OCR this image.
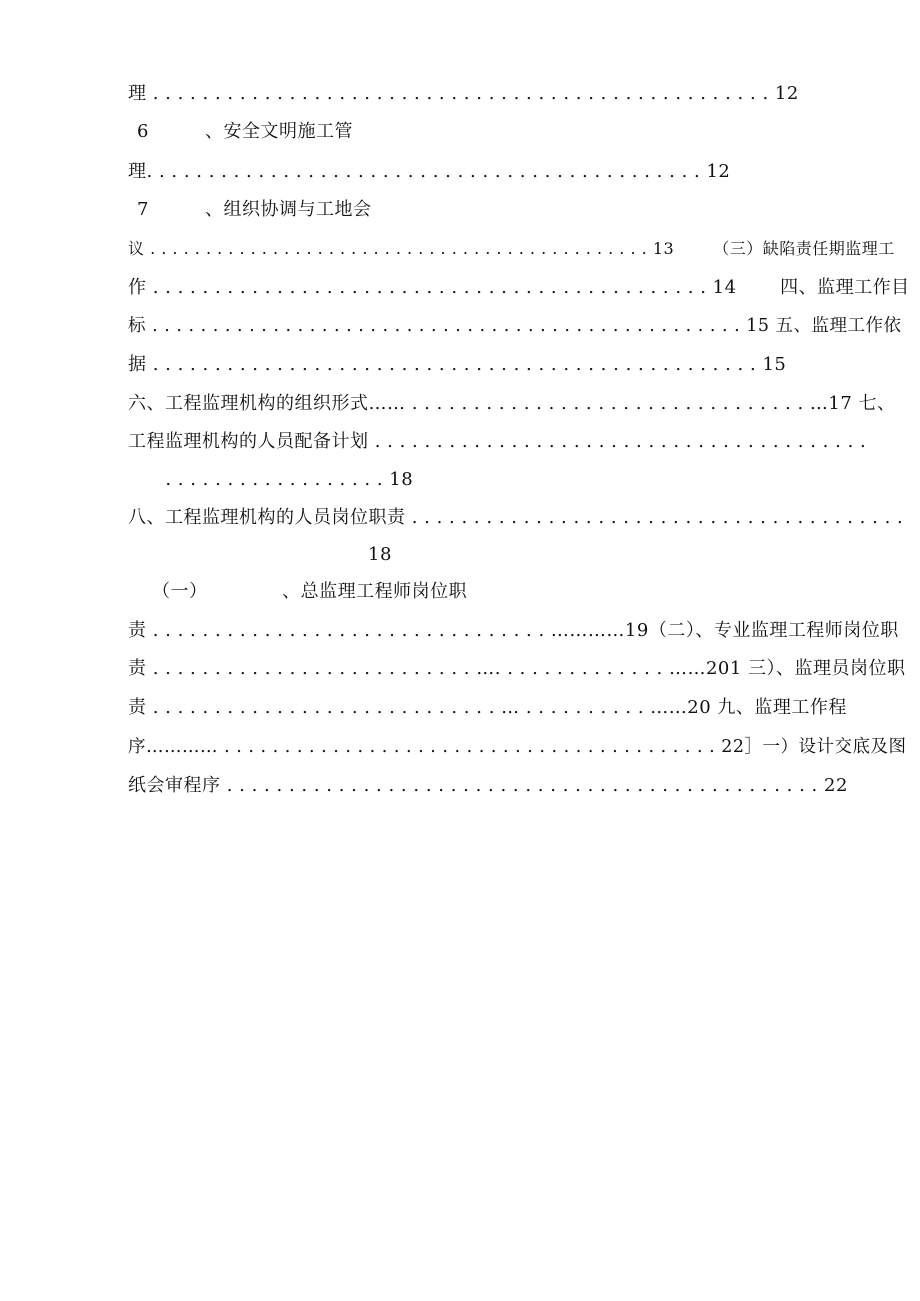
理 . . . . . . . . . . . . . . . . . . . . . . . . . . . . . . . . . . . . . . . . . . . . . . . . . . 12
6         、安全文明施工管
理. . . . . . . . . . . . . . . . . . . . . . . . . . . . . . . . . . . . . . . . . . . . . 12
7         、组织协调与工地会
议 . . . . . . . . . . . . . . . . . . . . . . . . . . . . . . . . . . . . . . . . . . . . . 13       （三）缺陷责任期监理工
作 . . . . . . . . . . . . . . . . . . . . . . . . . . . . . . . . . . . . . . . . . . . . . 14       四、监理工作目
标 . . . . . . . . . . . . . . . . . . . . . . . . . . . . . . . . . . . . . . . . . . . . . . . . . 15 五、监理工作依
据 . . . . . . . . . . . . . . . . . . . . . . . . . . . . . . . . . . . . . . . . . . . . . . . . . 15
六、工程监理机构的组织形式…… . . . . . . . . . . . . . . . . . . . . . . . . . . . . . . . . …17 七、
工程监理机构的人员配备计划 . . . . . . . . . . . . . . . . . . . . . . . . . . . . . . . . . . . . . . . .
. . . . . . . . . . . . . . . . . . 18
八、工程监理机构的人员岗位职责 . . . . . . . . . . . . . . . . . . . . . . . . . . . . . . . . . . . . . . . .
18
（一）            、总监理工程师岗位职
责 . . . . . . . . . . . . . . . . . . . . . . . . . . . . . . . . …………19（二）、专业监理工程师岗位职
责 . . . . . . . . . . . . . . . . . . . . . . . . . . …. . . . . . . . . . . . . . ……201 三）、监理员岗位职
责 . . . . . . . . . . . . . . . . . . . . . . . . . . . . … . . . . . . . . . . ……20 九、监理工作程
序………… . . . . . . . . . . . . . . . . . . . . . . . . . . . . . . . . . . . . . . . . . 22］一）设计交底及图
纸会审程序 . . . . . . . . . . . . . . . . . . . . . . . . . . . . . . . . . . . . . . . . . . . . . . . . 22
